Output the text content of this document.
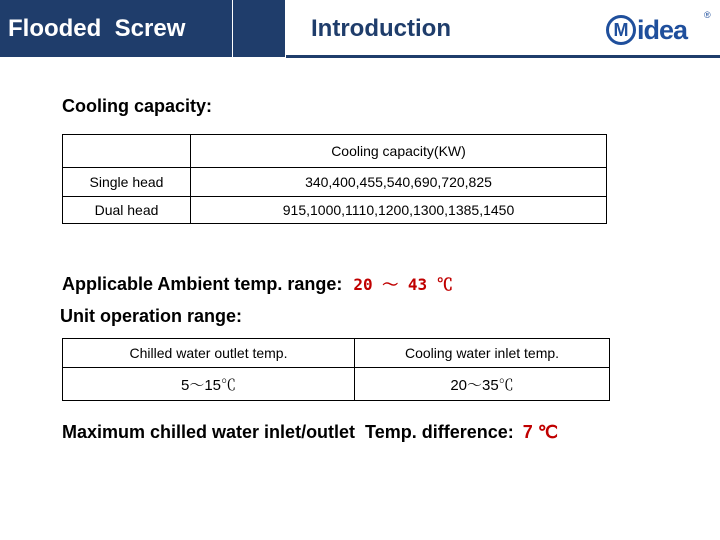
Flooded  Screw	Introduction	M idea ®
Cooling capacity:
	Cooling capacity(KW)
Single head	340,400,455,540,690,720,825
Dual head	915,1000,1110,1200,1300,1385,1450
Applicable Ambient temp. range: 20 ～ 43 ℃
Unit operation range:
Chilled water outlet temp.	Cooling water inlet temp.
5～15℃	20～35℃
Maximum chilled water inlet/outlet  Temp. difference: 7 ℃
